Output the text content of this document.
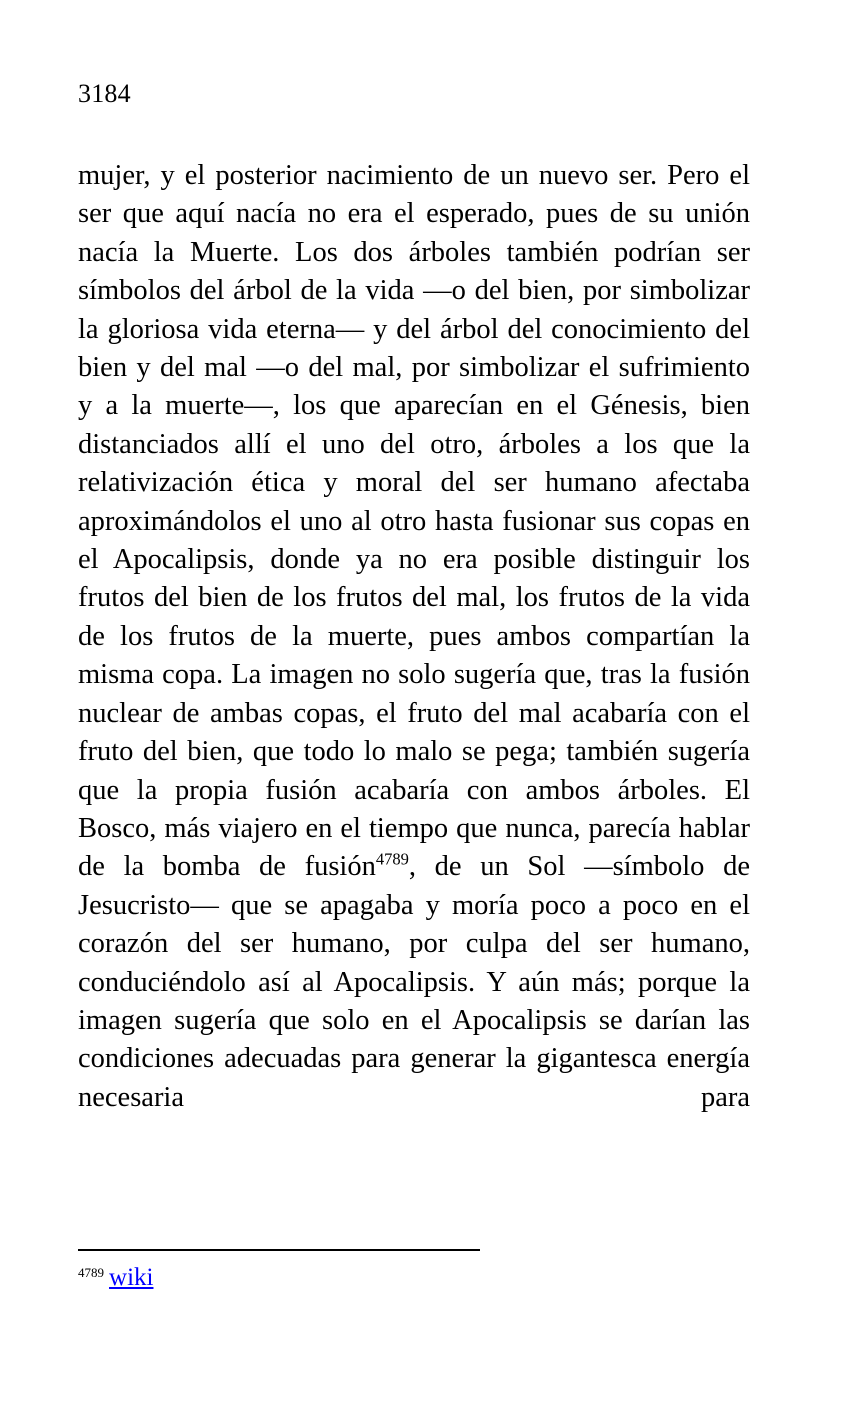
3184

mujer, y el posterior nacimiento de un nuevo ser. Pero el ser que aquí nacía no era el esperado, pues de su unión nacía la Muerte. Los dos árboles también podrían ser símbolos del árbol de la vida —o del bien, por simbolizar la gloriosa vida eterna— y del árbol del conocimiento del bien y del mal —o del mal, por simbolizar el sufrimiento y a la muerte—, los que aparecían en el Génesis, bien distanciados allí el uno del otro, árboles a los que la relativización ética y moral del ser humano afectaba aproximándolos el uno al otro hasta fusionar sus copas en el Apocalipsis, donde ya no era posible distinguir los frutos del bien de los frutos del mal, los frutos de la vida de los frutos de la muerte, pues ambos compartían la misma copa. La imagen no solo sugería que, tras la fusión nuclear de ambas copas, el fruto del mal acabaría con el fruto del bien, que todo lo malo se pega; también sugería que la propia fusión acabaría con ambos árboles. El Bosco, más viajero en el tiempo que nunca, parecía hablar de la bomba de fusión$^{4789}$, de un Sol —símbolo de Jesucristo— que se apagaba y moría poco a poco en el corazón del ser humano, por culpa del ser humano, conduciéndolo así al Apocalipsis. Y aún más; porque la imagen sugería que solo en el Apocalipsis se darían las condiciones adecuadas para generar la gigantesca energía necesaria para

$^{4789}$ wiki
